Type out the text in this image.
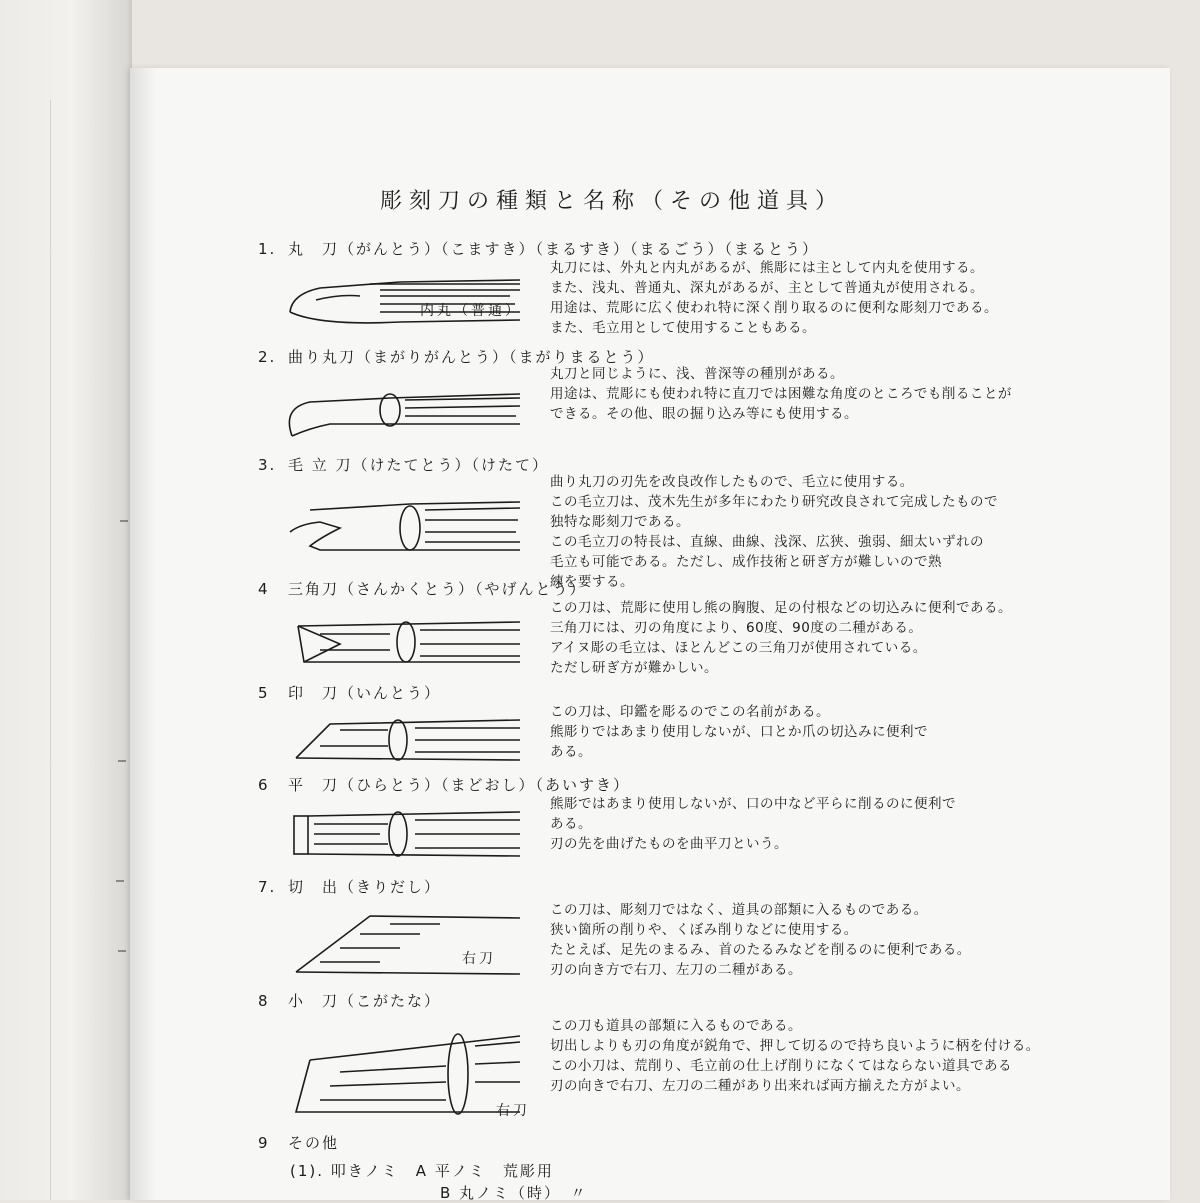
彫刻刀の種類と名称（その他道具）
1. 丸　刀（がんとう）（こますき）（まるすき）（まるごう）（まるとう）
内丸（普通）
丸刀には、外丸と内丸があるが、熊彫には主として内丸を使用する。
また、浅丸、普通丸、深丸があるが、主として普通丸が使用される。
用途は、荒彫に広く使われ特に深く削り取るのに便利な彫刻刀である。
また、毛立用として使用することもある。
2. 曲り丸刀（まがりがんとう）（まがりまるとう）
丸刀と同じように、浅、普深等の種別がある。
用途は、荒彫にも使われ特に直刀では困難な角度のところでも削ることが
できる。その他、眼の掘り込み等にも使用する。
3. 毛 立 刀（けたてとう）（けたて）
曲り丸刀の刃先を改良改作したもので、毛立に使用する。
この毛立刀は、茂木先生が多年にわたり研究改良されて完成したもので
独特な彫刻刀である。
この毛立刀の特長は、直線、曲線、浅深、広狭、強弱、細太いずれの
毛立も可能である。ただし、成作技術と研ぎ方が難しいので熟
練を要する。
4 三角刀（さんかくとう）（やげんとう）
この刀は、荒彫に使用し熊の胸腹、足の付根などの切込みに便利である。
三角刀には、刃の角度により、60度、90度の二種がある。
アイヌ彫の毛立は、ほとんどこの三角刀が使用されている。
ただし研ぎ方が難かしい。
5 印　刀（いんとう）
この刀は、印鑑を彫るのでこの名前がある。
熊彫りではあまり使用しないが、口とか爪の切込みに便利で
ある。
6 平　刀（ひらとう）（まどおし）（あいすき）
熊彫ではあまり使用しないが、口の中など平らに削るのに便利で
ある。
刃の先を曲げたものを曲平刀という。
7. 切　出（きりだし）
右刀
この刀は、彫刻刀ではなく、道具の部類に入るものである。
狭い箇所の削りや、くぼみ削りなどに使用する。
たとえば、足先のまるみ、首のたるみなどを削るのに便利である。
刃の向き方で右刀、左刀の二種がある。
8 小　刀（こがたな）
右刀
この刀も道具の部類に入るものである。
切出しよりも刃の角度が鋭角で、押して切るので持ち良いように柄を付ける。
この小刀は、荒削り、毛立前の仕上げ削りになくてはならない道具である
刃の向きで右刀、左刀の二種があり出来れば両方揃えた方がよい。
9 その他
(1). 叩きノミ　A 平ノミ　荒彫用
B 丸ノミ（時）　〃
